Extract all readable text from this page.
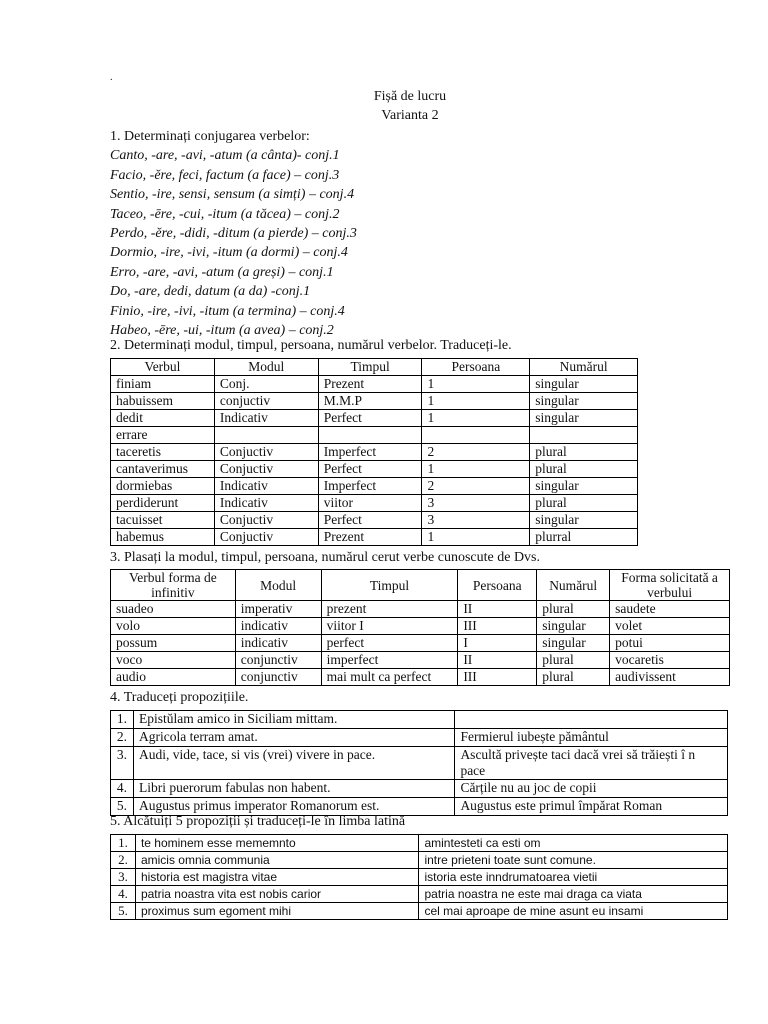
.
Fișă de lucru
Varianta 2
1. Determinați conjugarea verbelor:
Canto, -are, -avi, -atum (a cânta)- conj.1
Facio, -ĕre, feci, factum (a face) – conj.3
Sentio, -ire, sensi, sensum (a simți) – conj.4
Taceo, -ēre, -cui, -itum (a tăcea) – conj.2
Perdo, -ĕre, -didi, -ditum (a pierde) – conj.3
Dormio, -ire, -ivi, -itum (a dormi) – conj.4
Erro, -are, -avi, -atum (a greși) – conj.1
Do, -are, dedi, datum (a da) -conj.1
Finio, -ire, -ivi, -itum (a termina) – conj.4
Habeo, -ēre, -ui, -itum (a avea) – conj.2
2. Determinați modul, timpul, persoana, numărul verbelor. Traduceți-le.
Verbul	Modul	Timpul	Persoana	Numărul
finiam	Conj.	Prezent	1	singular
habuissem	conjuctiv	M.M.P	1	singular
dedit	Indicativ	Perfect	1	singular
errare				
taceretis	Conjuctiv	Imperfect	2	plural
cantaverimus	Conjuctiv	Perfect	1	plural
dormiebas	Indicativ	Imperfect	2	singular
perdiderunt	Indicativ	viitor	3	plural
tacuisset	Conjuctiv	Perfect	3	singular
habemus	Conjuctiv	Prezent	1	plurral
3. Plasați la modul, timpul, persoana, numărul cerut verbe cunoscute de Dvs.
Verbul forma de infinitiv	Modul	Timpul	Persoana	Numărul	Forma solicitată a verbului
suadeo	imperativ	prezent	II	plural	saudete
volo	indicativ	viitor I	III	singular	volet
possum	indicativ	perfect	I	singular	potui
voco	conjunctiv	imperfect	II	plural	vocaretis
audio	conjunctiv	mai mult ca perfect	III	plural	audivissent
4. Traduceți propozițiile.
1.	Epistŭlam amico in Siciliam mittam.	
2.	Agricola terram amat.	Fermierul iubește pământul
3.	Audi, vide, tace, si vis (vrei) vivere in pace.	Ascultă privește taci dacă vrei să trăiești î n pace
4.	Libri puerorum fabulas non habent.	Cărțile nu au joc de copii
5.	Augustus primus imperator Romanorum est.	Augustus este primul împărat Roman
5. Alcătuiți 5 propoziții și traduceți-le în limba latină
1.	te hominem esse mememnto	amintesteti ca esti om
2.	amicis omnia communia	intre prieteni toate sunt comune.
3.	historia est magistra vitae	istoria este inndrumatoarea vietii
4.	patria noastra vita est nobis carior	patria noastra ne este mai draga ca viata
5.	proximus sum egoment mihi	cel mai aproape de mine asunt eu insami
